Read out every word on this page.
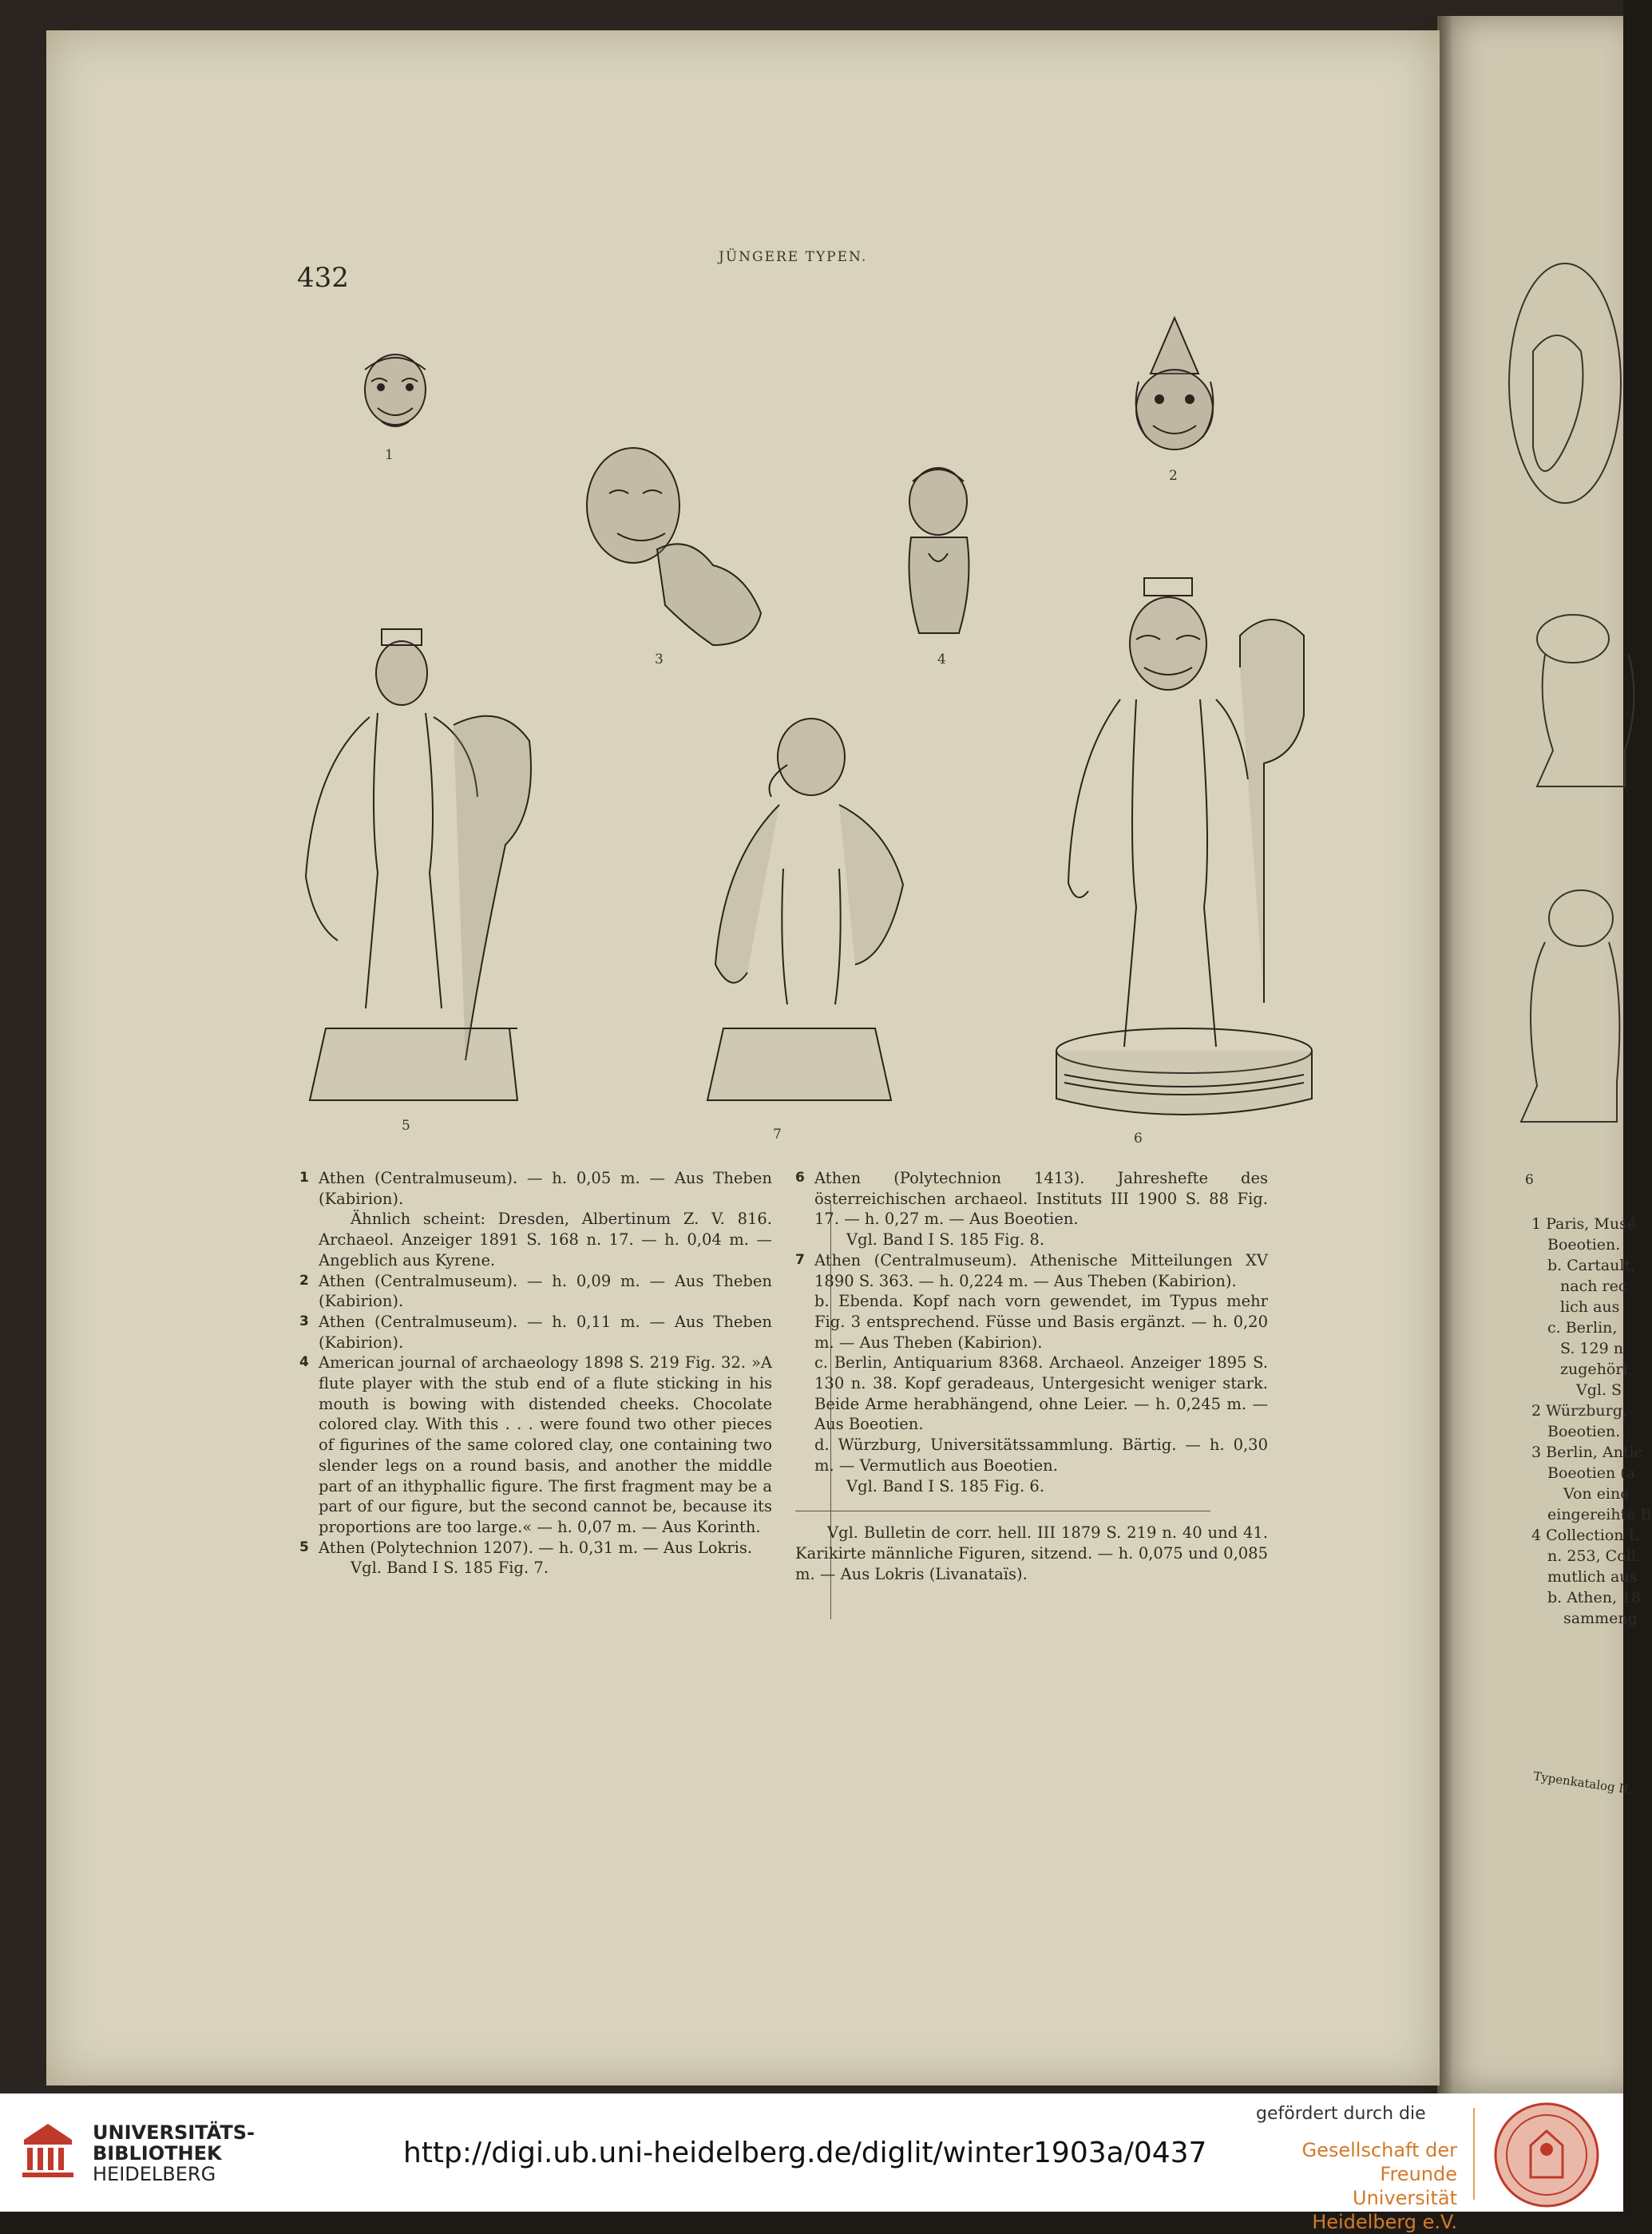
6
1 Paris, Musé
Boeotien.
b. Cartault,
nach rec
lich aus
c. Berlin,
S. 129 n
zugehöri
Vgl. S
2 Würzburg,
Boeotien.
3 Berlin, Antic
Boeotien (a
Von eine
eingereihte B
4 Collection L
n. 253, Coll.
mutlich aus
b. Athen, 18
sammeng
Typenkatalog II.
432
JÜNGERE TYPEN.
1
2
3	4
5
7	6
1 Athen (Centralmuseum). — h. 0,05 m. — Aus Theben (Kabirion).
Ähnlich scheint: Dresden, Albertinum Z. V. 816. Archaeol. Anzeiger 1891 S. 168 n. 17. — h. 0,04 m. — Angeblich aus Kyrene.
2 Athen (Centralmuseum). — h. 0,09 m. — Aus Theben (Kabirion).
3 Athen (Centralmuseum). — h. 0,11 m. — Aus Theben (Kabirion).
4 American journal of archaeology 1898 S. 219 Fig. 32. »A flute player with the stub end of a flute sticking in his mouth is bowing with distended cheeks. Chocolate colored clay. With this . . . were found two other pieces of figurines of the same colored clay, one containing two slender legs on a round basis, and another the middle part of an ithyphallic figure. The first fragment may be a part of our figure, but the second cannot be, because its proportions are too large.« — h. 0,07 m. — Aus Korinth.
5 Athen (Polytechnion 1207). — h. 0,31 m. — Aus Lokris.
Vgl. Band I S. 185 Fig. 7.
6 Athen (Polytechnion 1413). Jahreshefte des österreichischen archaeol. Instituts III 1900 S. 88 Fig. 17. — h. 0,27 m. — Aus Boeotien.
Vgl. Band I S. 185 Fig. 8.
7 Athen (Centralmuseum). Athenische Mitteilungen XV 1890 S. 363. — h. 0,224 m. — Aus Theben (Kabirion).
b. Ebenda. Kopf nach vorn gewendet, im Typus mehr Fig. 3 entsprechend. Füsse und Basis ergänzt. — h. 0,20 m. — Aus Theben (Kabirion).
c. Berlin, Antiquarium 8368. Archaeol. Anzeiger 1895 S. 130 n. 38. Kopf geradeaus, Untergesicht weniger stark. Beide Arme herabhängend, ohne Leier. — h. 0,245 m. — Aus Boeotien.
d. Würzburg, Universitätssammlung. Bärtig. — h. 0,30 m. — Vermutlich aus Boeotien.
Vgl. Band I S. 185 Fig. 6.
Vgl. Bulletin de corr. hell. III 1879 S. 219 n. 40 und 41. Karikirte männliche Figuren, sitzend. — h. 0,075 und 0,085 m. — Aus Lokris (Livanataïs).
UNIVERSITÄTS-
BIBLIOTHEK
HEIDELBERG
http://digi.ub.uni-heidelberg.de/diglit/winter1903a/0437
gefördert durch die
Gesellschaft der Freunde
Universität Heidelberg e.V.
